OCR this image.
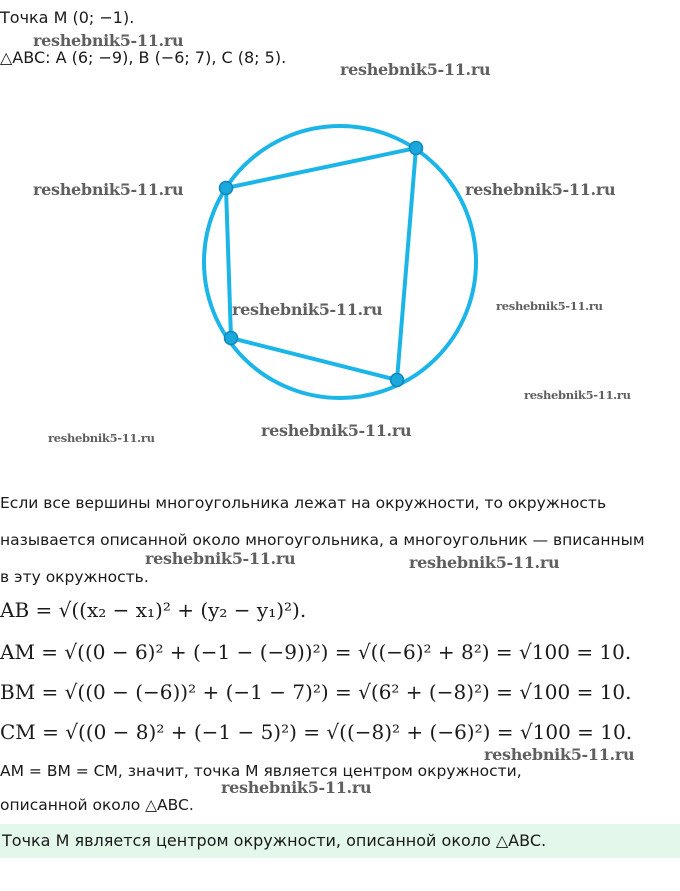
Точка M (0; −1).
△ABC: A (6; −9), B (−6; 7), C (8; 5).
reshebnik5-11.ru
reshebnik5-11.ru
reshebnik5-11.ru	reshebnik5-11.ru
reshebnik5-11.ru	reshebnik5-11.ru
reshebnik5-11.ru
reshebnik5-11.ru	reshebnik5-11.ru
Если все вершины многоугольника лежат на окружности, то окружность
называется описанной около многоугольника, а многоугольник — вписанным
в эту окружность.
reshebnik5-11.ru	reshebnik5-11.ru
AB = √((x₂ − x₁)² + (y₂ − y₁)²).
AM = √((0 − 6)² + (−1 − (−9))²) = √((−6)² + 8²) = √100 = 10.
BM = √((0 − (−6))² + (−1 − 7)²) = √(6² + (−8)²) = √100 = 10.
CM = √((0 − 8)² + (−1 − 5)²) = √((−8)² + (−6)²) = √100 = 10.
AM = BM = CM, значит, точка M является центром окружности,
описанной около △ABC.
reshebnik5-11.ru
reshebnik5-11.ru
Точка M является центром окружности, описанной около △ABC.
